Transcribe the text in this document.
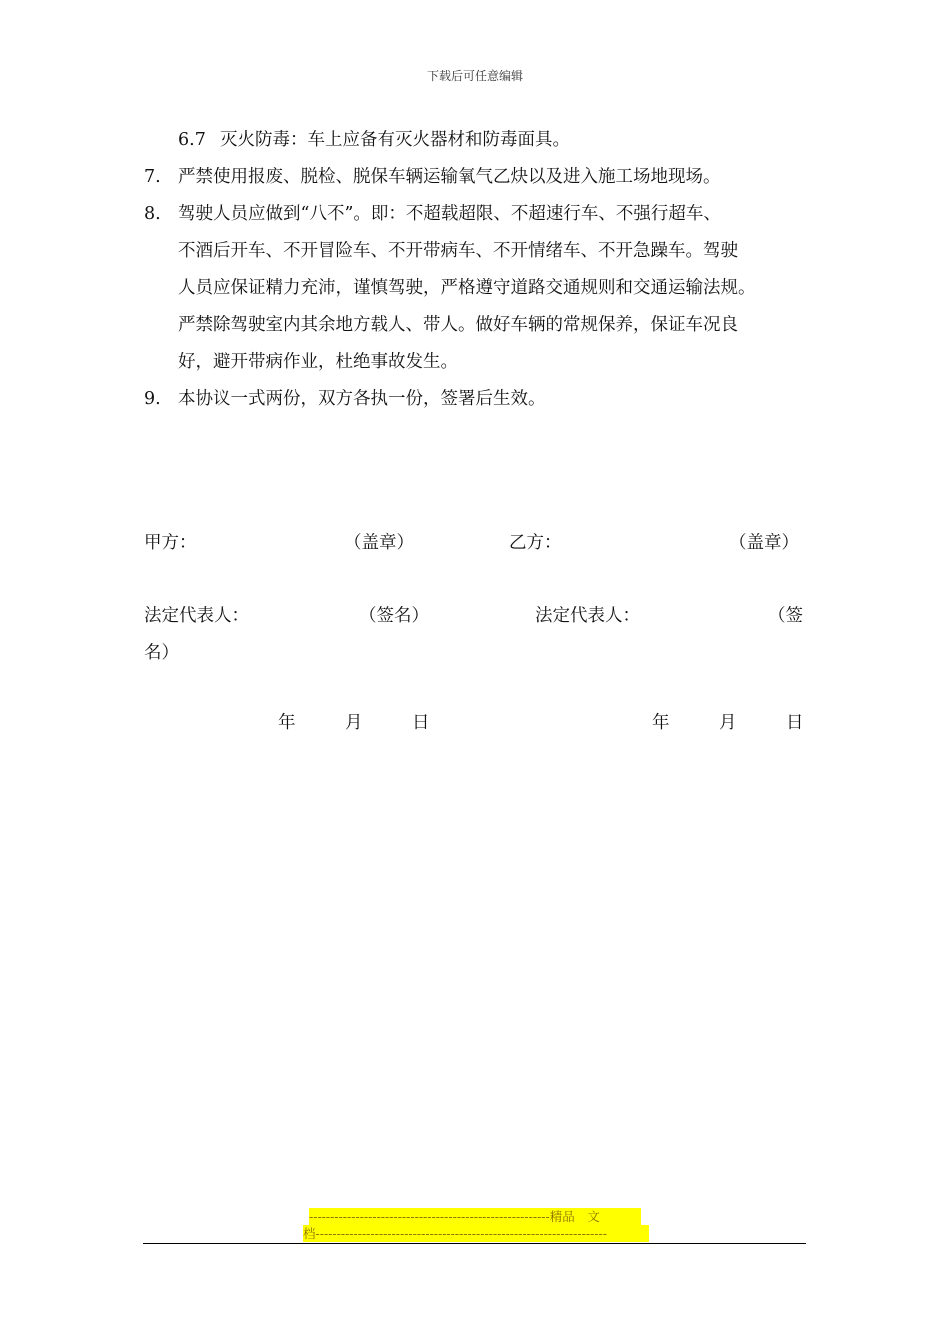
下载后可任意编辑
6.7 灭火防毒：车上应备有灭火器材和防毒面具。
7. 严禁使用报废、脱检、脱保车辆运输氧气乙炔以及进入施工场地现场。
8. 驾驶人员应做到“八不”。即：不超载超限、不超速行车、不强行超车、
不酒后开车、不开冒险车、不开带病车、不开情绪车、不开急躁车。驾驶
人员应保证精力充沛，谨慎驾驶，严格遵守道路交通规则和交通运输法规。
严禁除驾驶室内其余地方载人、带人。做好车辆的常规保养，保证车况良
好，避开带病作业，杜绝事故发生。
9. 本协议一式两份，双方各执一份，签署后生效。
甲方：	（盖章）	乙方：	（盖章）
法定代表人：	（签名）	法定代表人：	（签
名）
年	月	日	年	月	日
---------------------------------------------------------精品　文
档---------------------------------------------------------------------
